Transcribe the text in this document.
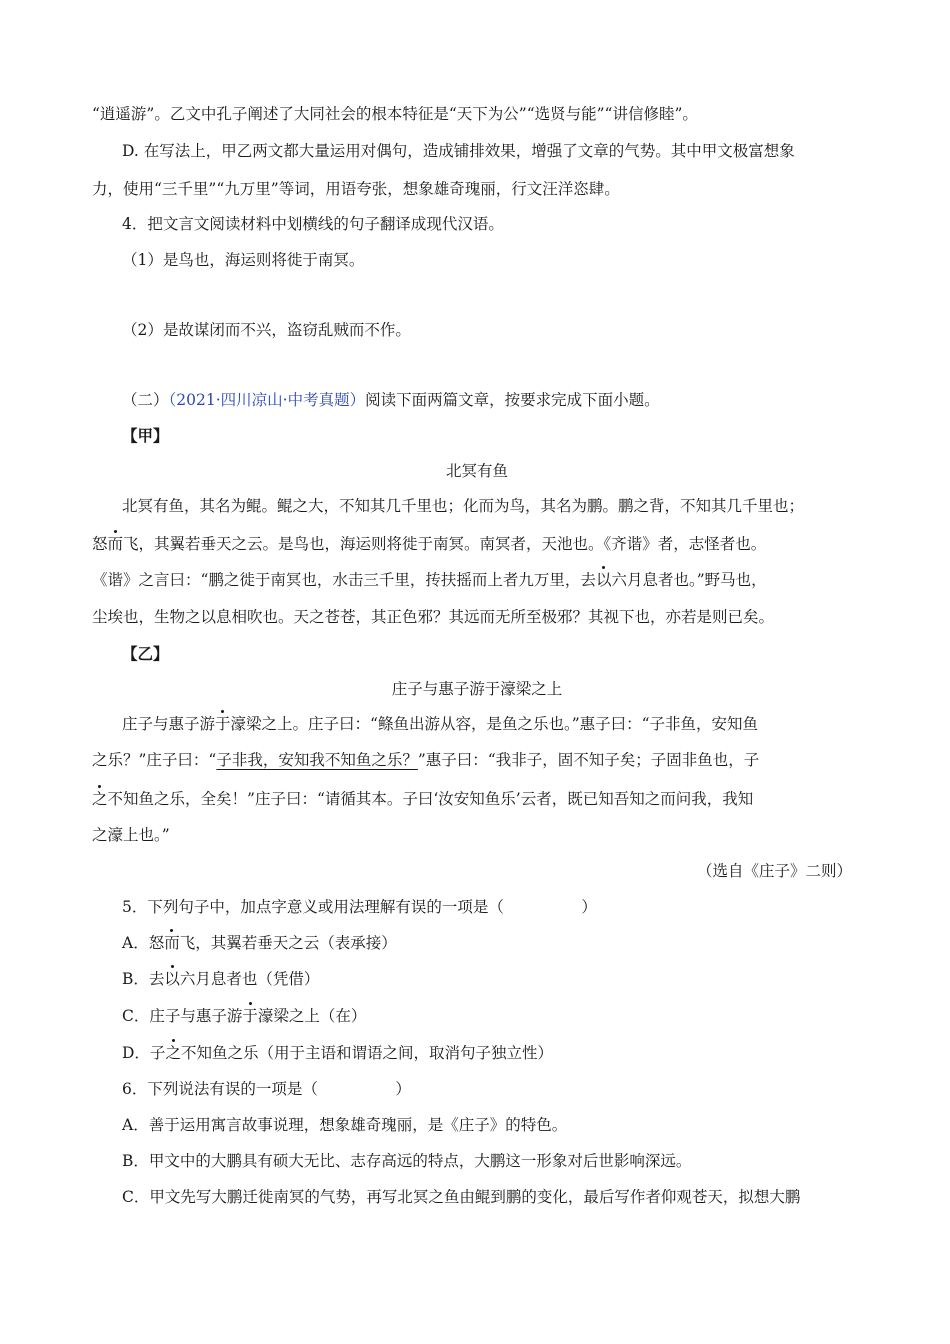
“逍遥游”。乙文中孔子阐述了大同社会的根本特征是“天下为公”“选贤与能”“讲信修睦”。
D. 在写法上，甲乙两文都大量运用对偶句，造成铺排效果，增强了文章的气势。其中甲文极富想象
力，使用“三千里”“九万里”等词，用语夸张，想象雄奇瑰丽，行文汪洋恣肆。
4．把文言文阅读材料中划横线的句子翻译成现代汉语。
（1）是鸟也，海运则将徙于南冥。
（2）是故谋闭而不兴，盗窃乱贼而不作。
（二）（2021·四川凉山·中考真题）阅读下面两篇文章，按要求完成下面小题。
【甲】
北冥有鱼
北冥有鱼，其名为鲲。鲲之大，不知其几千里也；化而为鸟，其名为鹏。鹏之背，不知其几千里也；
怒而飞，其翼若垂天之云。是鸟也，海运则将徙于南冥。南冥者，天池也。《齐谐》者，志怪者也。
《谐》之言曰：“鹏之徙于南冥也，水击三千里，抟扶摇而上者九万里，去以六月息者也。”野马也，
尘埃也，生物之以息相吹也。天之苍苍，其正色邪？其远而无所至极邪？其视下也，亦若是则已矣。
【乙】
庄子与惠子游于濠梁之上
庄子与惠子游于濠梁之上。庄子曰：“鲦鱼出游从容，是鱼之乐也。”惠子曰：“子非鱼，安知鱼
之乐？”庄子曰：“子非我，安知我不知鱼之乐？”惠子曰：“我非子，固不知子矣；子固非鱼也，子
之不知鱼之乐，全矣！”庄子曰：“请循其本。子曰‘汝安知鱼乐’云者，既已知吾知之而问我，我知
之濠上也。”
（选自《庄子》二则）
5．下列句子中，加点字意义或用法理解有误的一项是（　　　　　）
A．怒而飞，其翼若垂天之云（表承接）
B．去以六月息者也（凭借）
C．庄子与惠子游于濠梁之上（在）
D．子之不知鱼之乐（用于主语和谓语之间，取消句子独立性）
6．下列说法有误的一项是（　　　　　）
A．善于运用寓言故事说理，想象雄奇瑰丽，是《庄子》的特色。
B．甲文中的大鹏具有硕大无比、志存高远的特点，大鹏这一形象对后世影响深远。
C．甲文先写大鹏迁徙南冥的气势，再写北冥之鱼由鲲到鹏的变化，最后写作者仰观苍天，拟想大鹏
